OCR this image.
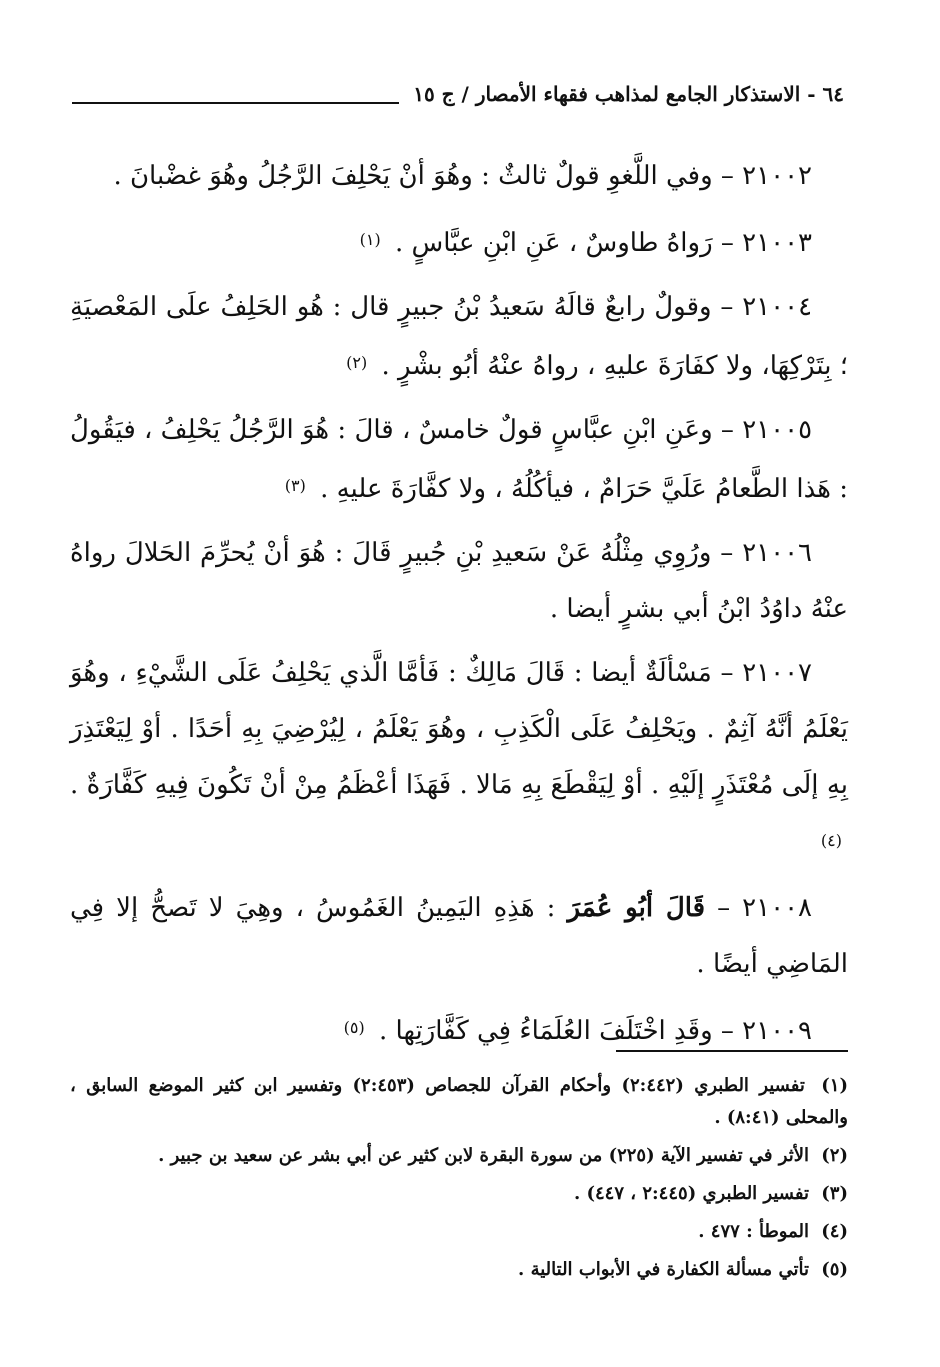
٦٤ - الاستذكار الجامع لمذاهب فقهاء الأمصار / ج ١٥

٢١٠٠٢ – وفي اللَّغوِ قولٌ ثالثٌ : وهُوَ أنْ يَحْلِفَ الرَّجُلُ وهُوَ غضْبانَ .

٢١٠٠٣ – رَواهُ طاوسٌ ، عَنِ ابْنِ عبَّاسٍ . $^{(١)}$

٢١٠٠٤ – وقولٌ رابعٌ قالَهُ سَعيدُ بْنُ جبيرٍ قال : هُو الحَلِفُ علَى المَعْصيَةِ ؛ بِتَرْكِهَا، ولا كفَارَةَ عليهِ ، رواهُ عنْهُ أبُو بشْرٍ . $^{(٢)}$

٢١٠٠٥ – وعَنِ ابْنِ عبَّاسٍ قولٌ خامسٌ ، قالَ : هُوَ الرَّجُلُ يَحْلِفُ ، فيَقُولُ : هَذا الطَّعامُ عَلَيَّ حَرَامٌ ، فيأكُلُهُ ، ولا كفَّارَةَ عليهِ . $^{(٣)}$

٢١٠٠٦ – ورُوِي مِثْلُهُ عَنْ سَعيدِ بْنِ جُبيرٍ قَالَ : هُوَ أنْ يُحرِّمَ الحَلالَ رواهُ عنْهُ داوُدُ ابْنُ أبي بشرٍ أيضا .

٢١٠٠٧ – مَسْألَةٌ أيضا : قَالَ مَالِكٌ : فَأمَّا الَّذي يَحْلِفُ عَلَى الشَّيْءِ ، وهُوَ يَعْلَمُ أنَّهُ آثِمٌ . ويَحْلِفُ عَلَى الْكَذِبِ ، وهُوَ يَعْلَمُ ، لِيُرْضِيَ بِهِ أحَدًا . أوْ لِيَعْتَذِرَ بِهِ إلَى مُعْتَذَرٍ إلَيْهِ . أوْ لِيَقْطَعَ بِهِ مَالا . فَهَذَا أعْظَمُ مِنْ أنْ تَكُونَ فِيهِ كَفَّارَةٌ . $^{(٤)}$

٢١٠٠٨ – قَالَ أبُو عُمَرَ : هَذِهِ اليَمِينُ الغَمُوسُ ، وهِيَ لا تَصحُّ إلا فِي المَاضِي أيضًا .

٢١٠٠٩ – وقَدِ اخْتَلَفَ العُلَمَاءُ فِي كَفَّارَتِها . $^{(٥)}$

(١) تفسير الطبري (٢:٤٤٢) وأحكام القرآن للجصاص (٢:٤٥٣) وتفسير ابن كثير الموضع السابق ، والمحلى (٨:٤١) .

(٢) الأثر في تفسير الآية (٢٢٥) من سورة البقرة لابن كثير عن أبي بشر عن سعيد بن جبير .

(٣) تفسير الطبري (٢:٤٤٥ ، ٤٤٧) .

(٤) الموطأ : ٤٧٧ .

(٥) تأتي مسألة الكفارة في الأبواب التالية .
